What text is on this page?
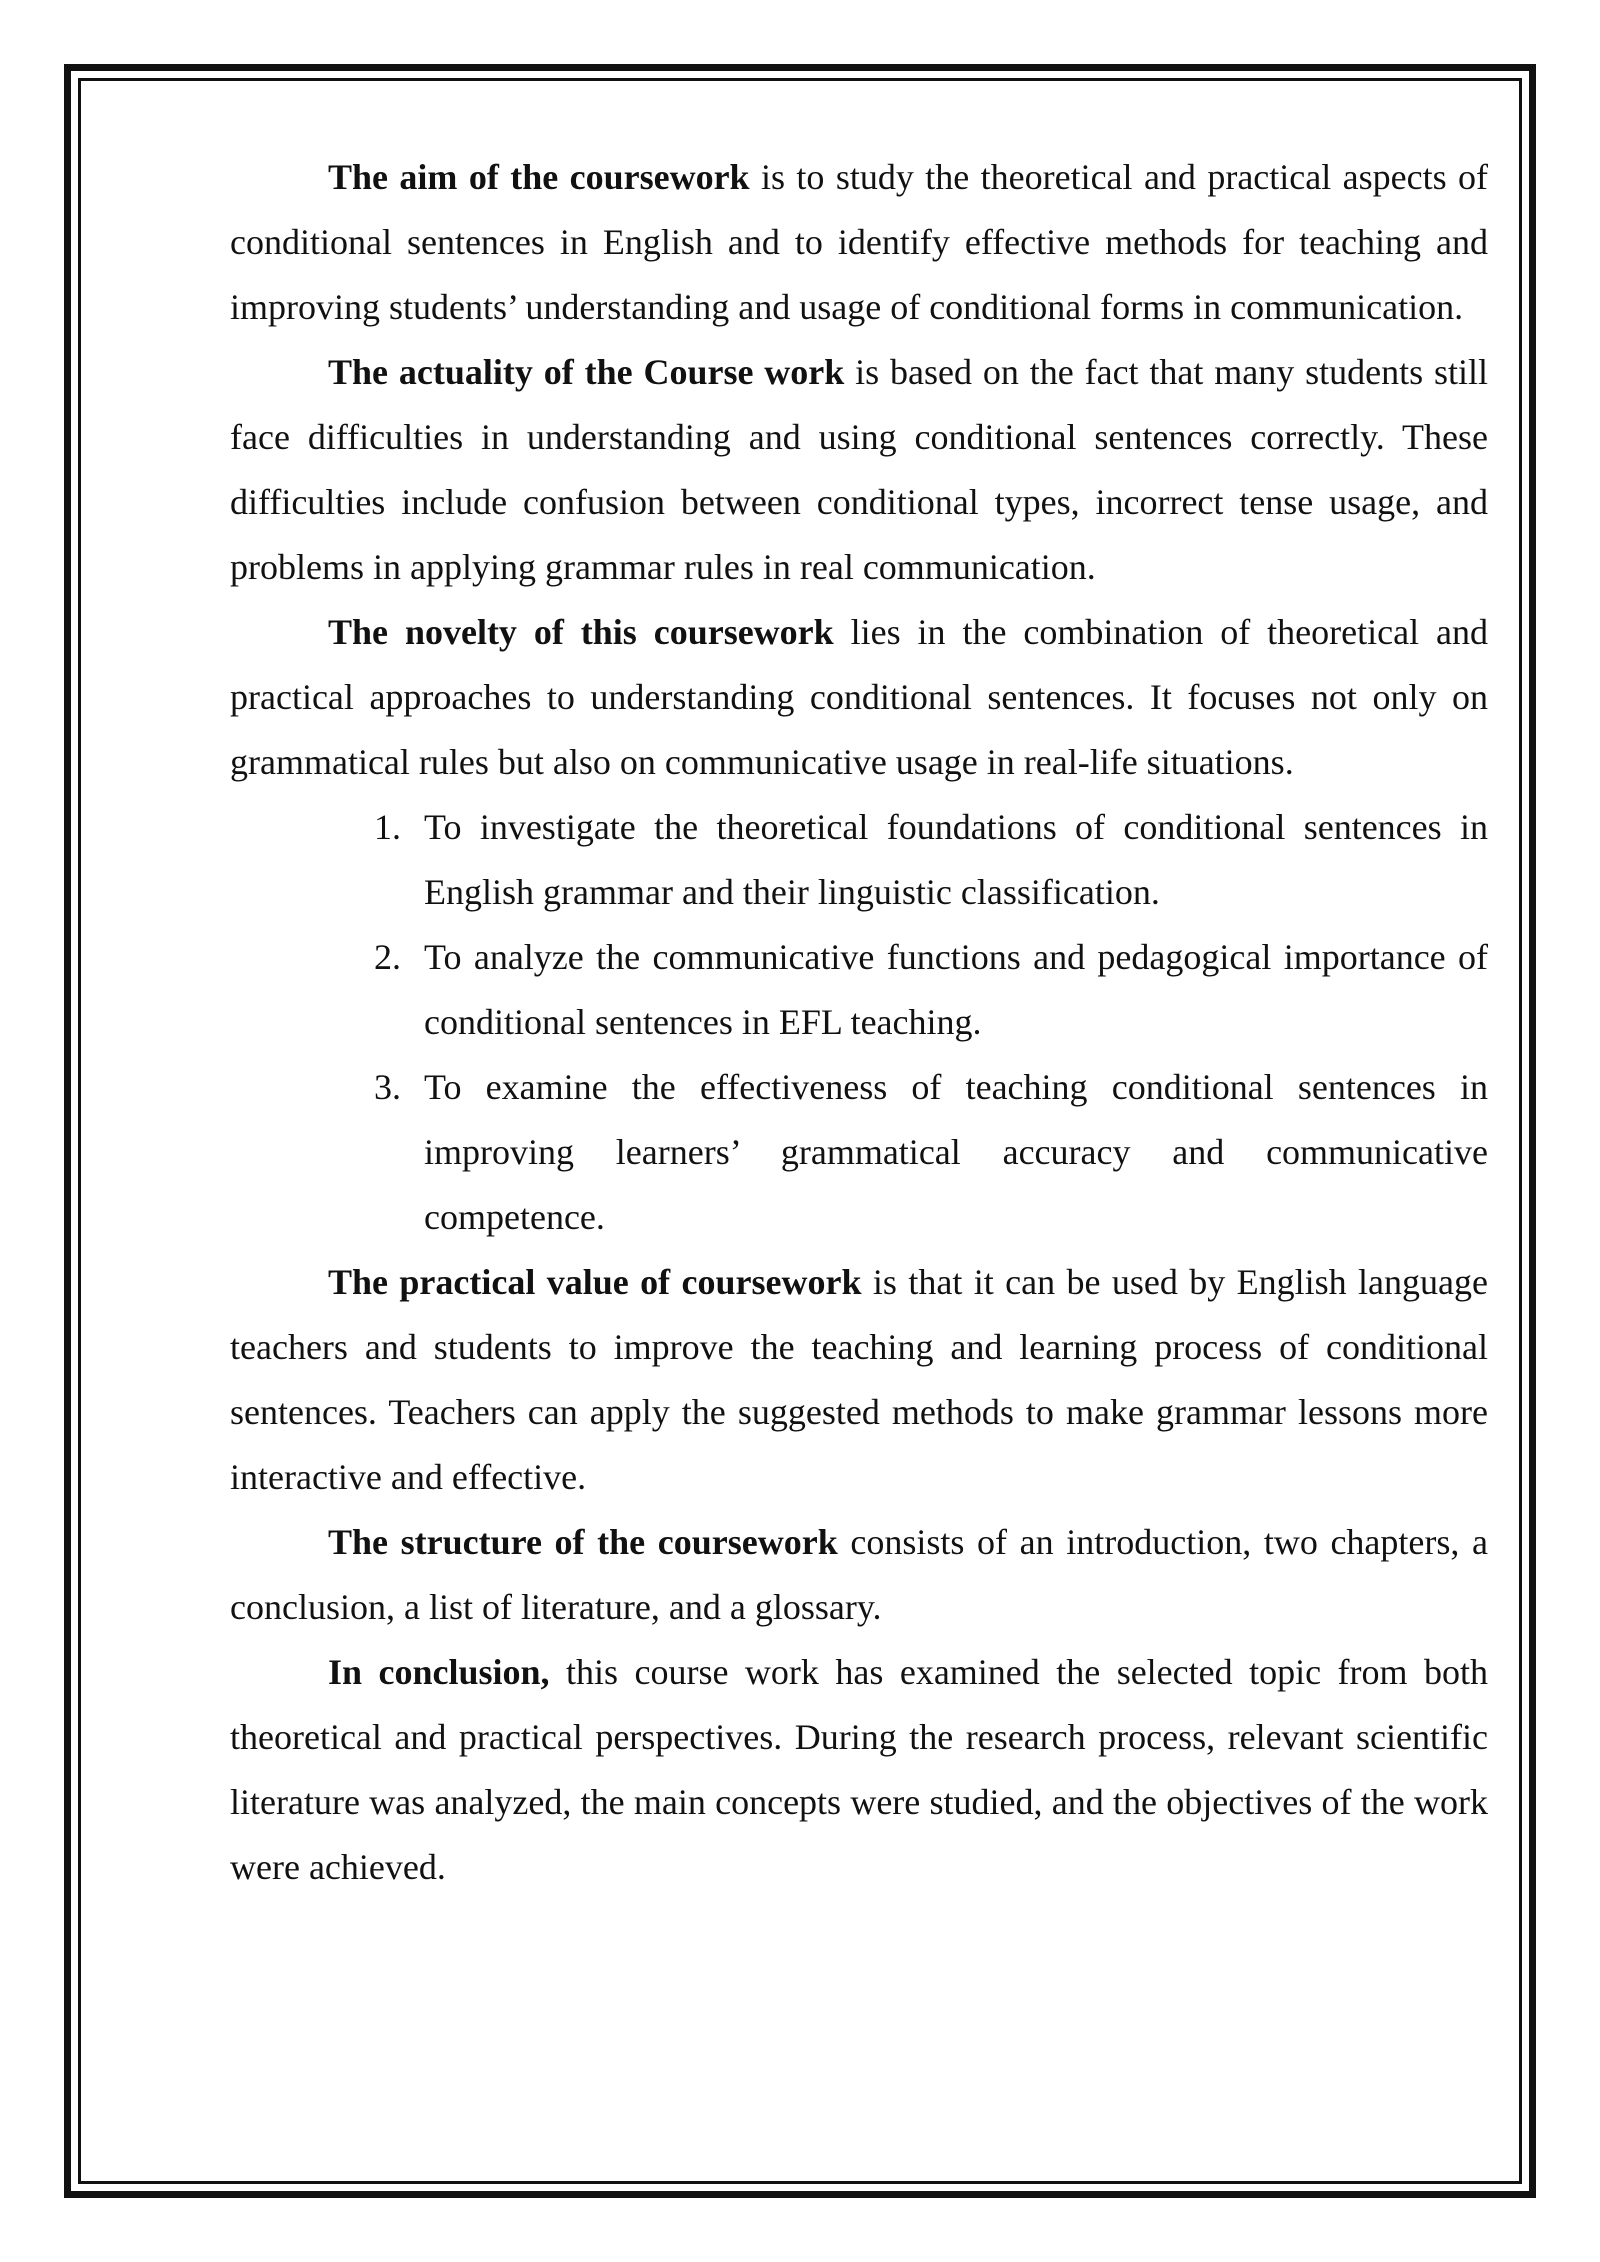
The aim of the coursework is to study the theoretical and practical aspects of conditional sentences in English and to identify effective methods for teaching and improving students’ understanding and usage of conditional forms in communication.

The actuality of the Course work is based on the fact that many students still face difficulties in understanding and using conditional sentences correctly. These difficulties include confusion between conditional types, incorrect tense usage, and problems in applying grammar rules in real communication.

The novelty of this coursework lies in the combination of theoretical and practical approaches to understanding conditional sentences. It focuses not only on grammatical rules but also on communicative usage in real-life situations.

1. To investigate the theoretical foundations of conditional sentences in English grammar and their linguistic classification.
2. To analyze the communicative functions and pedagogical importance of conditional sentences in EFL teaching.
3. To examine the effectiveness of teaching conditional sentences in improving learners’ grammatical accuracy and communicative competence.

The practical value of coursework is that it can be used by English language teachers and students to improve the teaching and learning process of conditional sentences. Teachers can apply the suggested methods to make grammar lessons more interactive and effective.

The structure of the coursework consists of an introduction, two chapters, a conclusion, a list of literature, and a glossary.

In conclusion, this course work has examined the selected topic from both theoretical and practical perspectives. During the research process, relevant scientific literature was analyzed, the main concepts were studied, and the objectives of the work were achieved.
